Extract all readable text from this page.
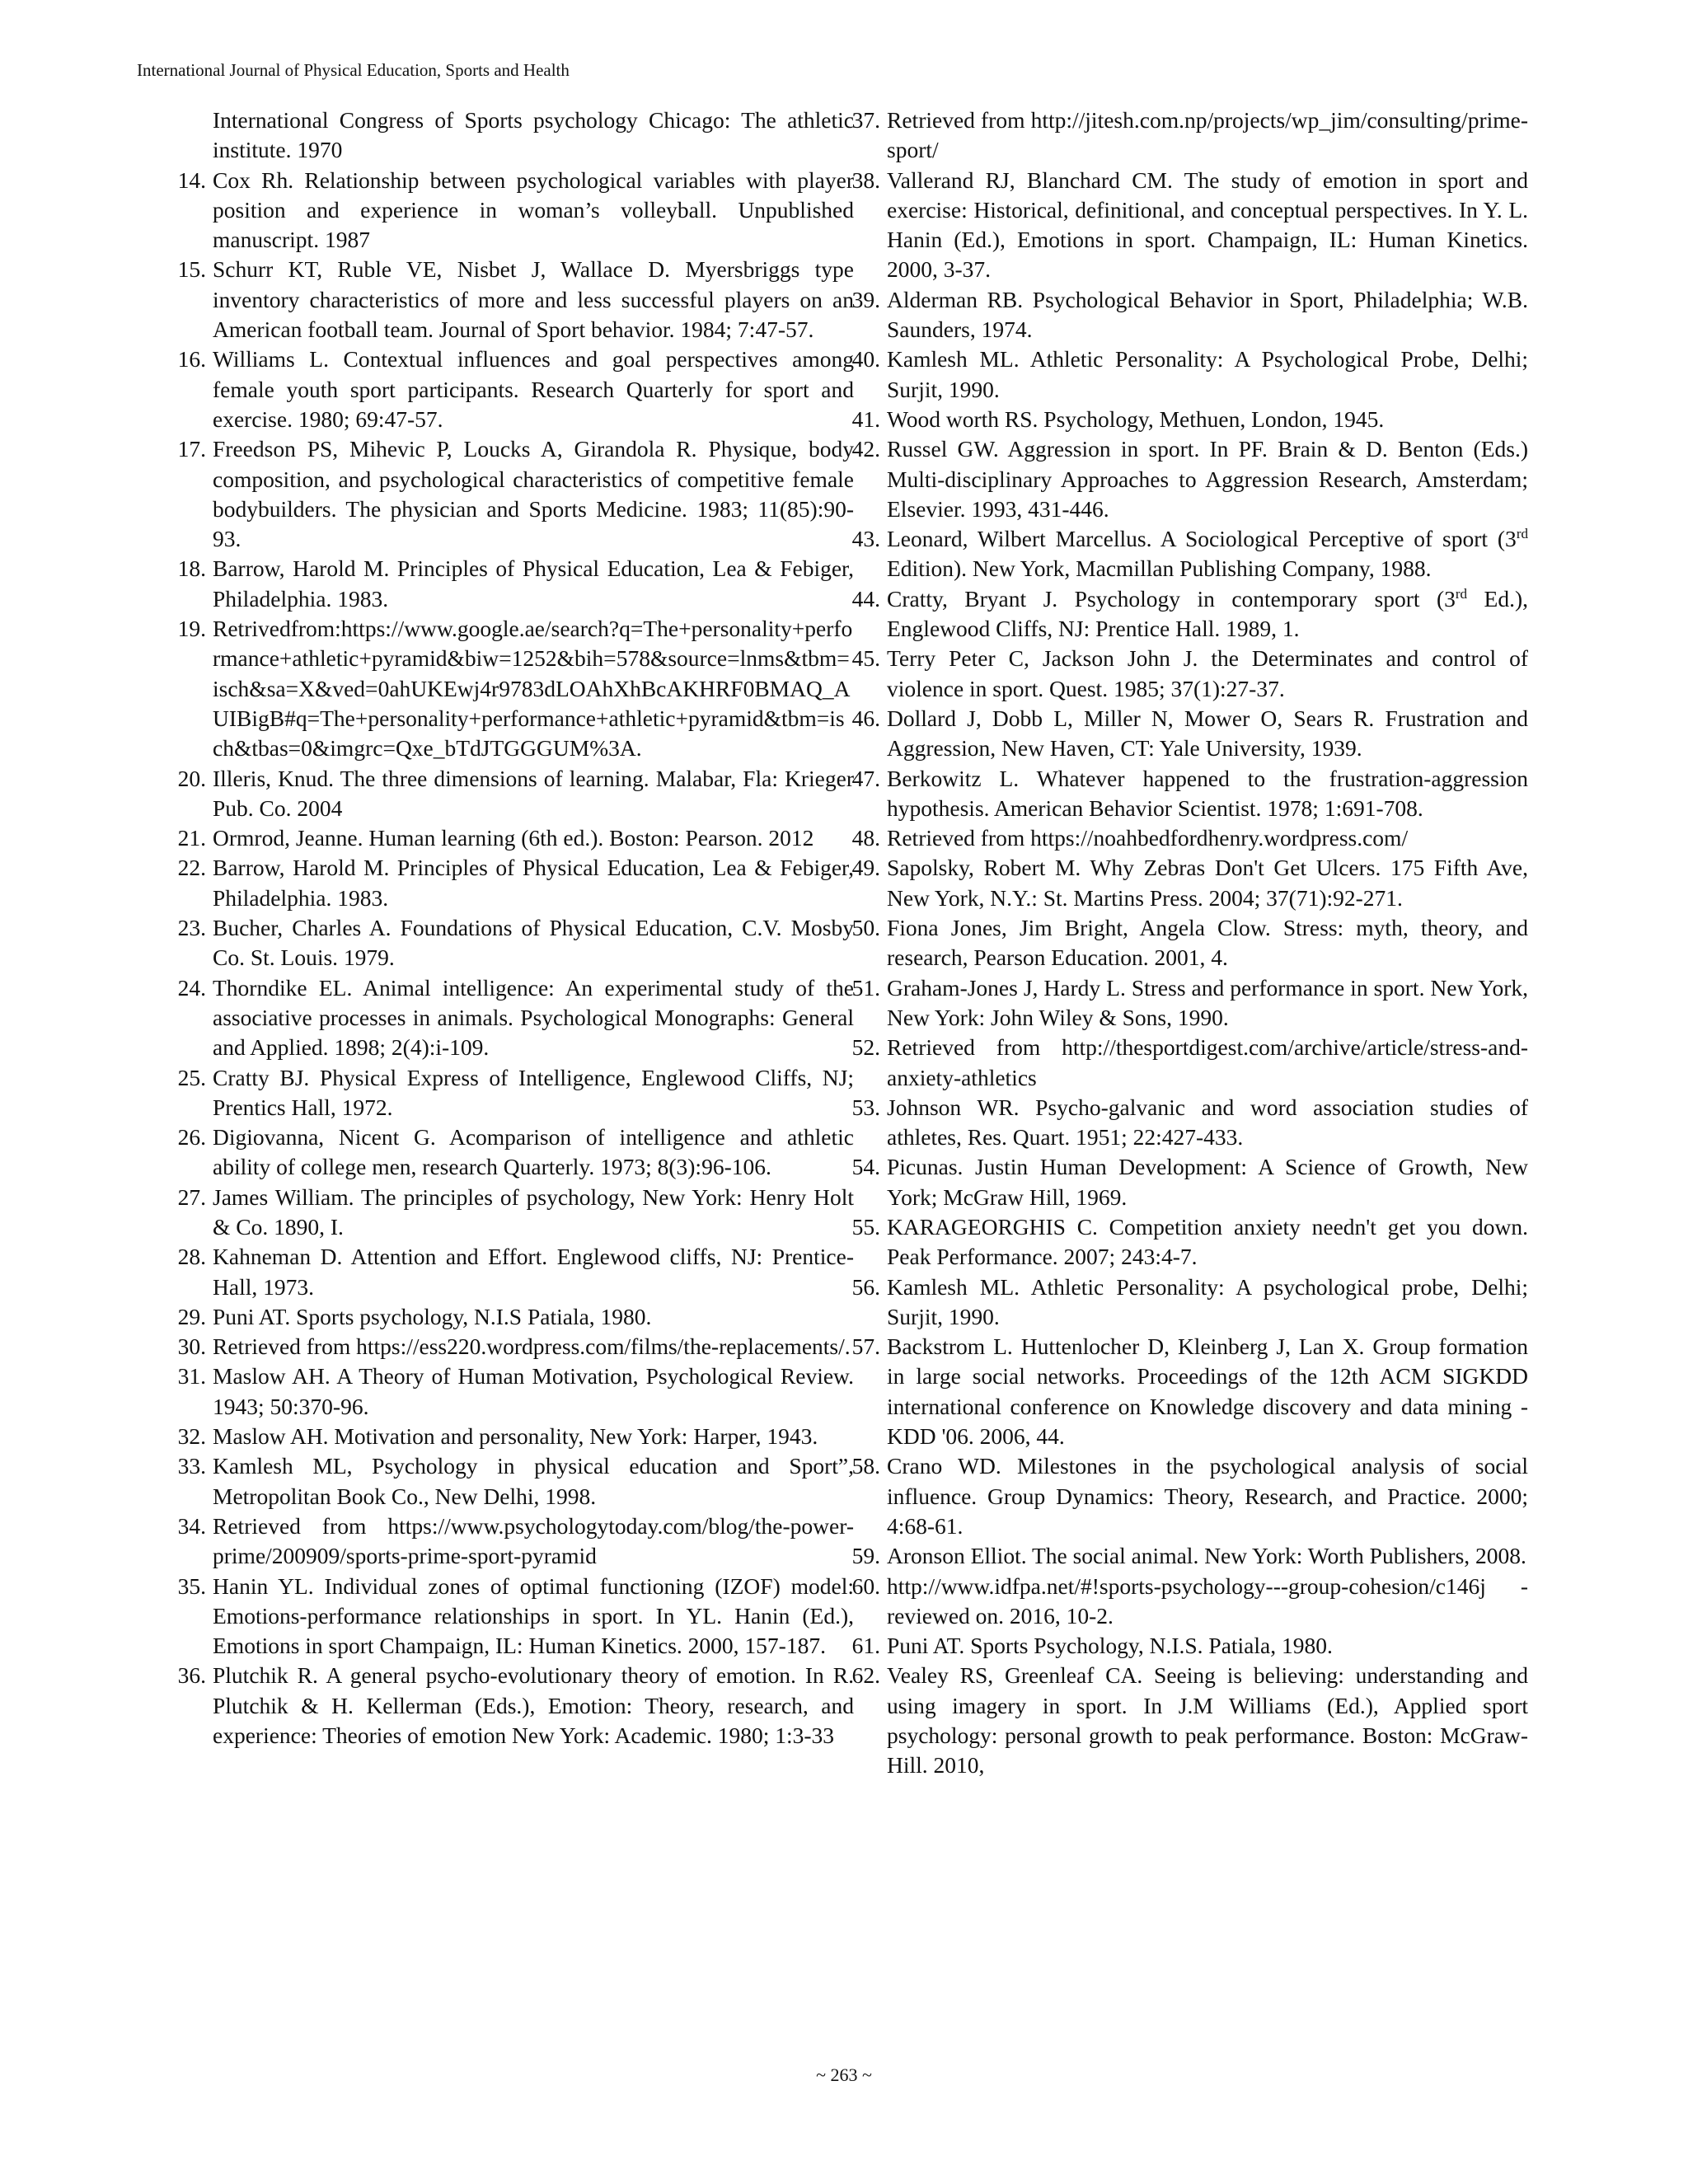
International Journal of Physical Education, Sports and Health
International Congress of Sports psychology Chicago: The athletic institute. 1970
14. Cox Rh. Relationship between psychological variables with player position and experience in woman’s volleyball. Unpublished manuscript. 1987
15. Schurr KT, Ruble VE, Nisbet J, Wallace D. Myersbriggs type inventory characteristics of more and less successful players on an American football team. Journal of Sport behavior. 1984; 7:47-57.
16. Williams L. Contextual influences and goal perspectives among female youth sport participants. Research Quarterly for sport and exercise. 1980; 69:47-57.
17. Freedson PS, Mihevic P, Loucks A, Girandola R. Physique, body composition, and psychological characteristics of competitive female bodybuilders. The physician and Sports Medicine. 1983; 11(85):90-93.
18. Barrow, Harold M. Principles of Physical Education, Lea & Febiger, Philadelphia. 1983.
19. Retrivedfrom:https://www.google.ae/search?q=The+personality+performance+athletic+pyramid&biw=1252&bih=578&source=lnms&tbm=isch&sa=X&ved=0ahUKEwj4r9783dLOAhXhBcAKHRF0BMAQ_AUIBigB#q=The+personality+performance+athletic+pyramid&tbm=isch&tbas=0&imgrc=Qxe_bTdJTGGGUM%3A.
20. Illeris, Knud. The three dimensions of learning. Malabar, Fla: Krieger Pub. Co. 2004
21. Ormrod, Jeanne. Human learning (6th ed.). Boston: Pearson. 2012
22. Barrow, Harold M. Principles of Physical Education, Lea & Febiger, Philadelphia. 1983.
23. Bucher, Charles A. Foundations of Physical Education, C.V. Mosby Co. St. Louis. 1979.
24. Thorndike EL. Animal intelligence: An experimental study of the associative processes in animals. Psychological Monographs: General and Applied. 1898; 2(4):i-109.
25. Cratty BJ. Physical Express of Intelligence, Englewood Cliffs, NJ; Prentics Hall, 1972.
26. Digiovanna, Nicent G. Acomparison of intelligence and athletic ability of college men, research Quarterly. 1973; 8(3):96-106.
27. James William. The principles of psychology, New York: Henry Holt & Co. 1890, I.
28. Kahneman D. Attention and Effort. Englewood cliffs, NJ: Prentice- Hall, 1973.
29. Puni AT. Sports psychology, N.I.S Patiala, 1980.
30. Retrieved from https://ess220.wordpress.com/films/the-replacements/.
31. Maslow AH. A Theory of Human Motivation, Psychological Review. 1943; 50:370-96.
32. Maslow AH. Motivation and personality, New York: Harper, 1943.
33. Kamlesh ML, Psychology in physical education and Sport”, Metropolitan Book Co., New Delhi, 1998.
34. Retrieved from https://www.psychologytoday.com/blog/the-power-prime/200909/sports-prime-sport-pyramid
35. Hanin YL. Individual zones of optimal functioning (IZOF) model: Emotions-performance relationships in sport. In YL. Hanin (Ed.), Emotions in sport Champaign, IL: Human Kinetics. 2000, 157-187.
36. Plutchik R. A general psycho-evolutionary theory of emotion. In R. Plutchik & H. Kellerman (Eds.), Emotion: Theory, research, and experience: Theories of emotion New York: Academic. 1980; 1:3-33
37. Retrieved from http://jitesh.com.np/projects/wp_jim/consulting/prime-sport/
38. Vallerand RJ, Blanchard CM. The study of emotion in sport and exercise: Historical, definitional, and conceptual perspectives. In Y. L. Hanin (Ed.), Emotions in sport. Champaign, IL: Human Kinetics. 2000, 3-37.
39. Alderman RB. Psychological Behavior in Sport, Philadelphia; W.B. Saunders, 1974.
40. Kamlesh ML. Athletic Personality: A Psychological Probe, Delhi; Surjit, 1990.
41. Wood worth RS. Psychology, Methuen, London, 1945.
42. Russel GW. Aggression in sport. In PF. Brain & D. Benton (Eds.) Multi-disciplinary Approaches to Aggression Research, Amsterdam; Elsevier. 1993, 431-446.
43. Leonard, Wilbert Marcellus. A Sociological Perceptive of sport (3rd Edition). New York, Macmillan Publishing Company, 1988.
44. Cratty, Bryant J. Psychology in contemporary sport (3rd Ed.), Englewood Cliffs, NJ: Prentice Hall. 1989, 1.
45. Terry Peter C, Jackson John J. the Determinates and control of violence in sport. Quest. 1985; 37(1):27-37.
46. Dollard J, Dobb L, Miller N, Mower O, Sears R. Frustration and Aggression, New Haven, CT: Yale University, 1939.
47. Berkowitz L. Whatever happened to the frustration-aggression hypothesis. American Behavior Scientist. 1978; 1:691-708.
48. Retrieved from https://noahbedfordhenry.wordpress.com/
49. Sapolsky, Robert M. Why Zebras Don't Get Ulcers. 175 Fifth Ave, New York, N.Y.: St. Martins Press. 2004; 37(71):92-271.
50. Fiona Jones, Jim Bright, Angela Clow. Stress: myth, theory, and research, Pearson Education. 2001, 4.
51. Graham-Jones J, Hardy L. Stress and performance in sport. New York, New York: John Wiley & Sons, 1990.
52. Retrieved from http://thesportdigest.com/archive/article/stress-and-anxiety-athletics
53. Johnson WR. Psycho-galvanic and word association studies of athletes, Res. Quart. 1951; 22:427-433.
54. Picunas. Justin Human Development: A Science of Growth, New York; McGraw Hill, 1969.
55. KARAGEORGHIS C. Competition anxiety needn't get you down. Peak Performance. 2007; 243:4-7.
56. Kamlesh ML. Athletic Personality: A psychological probe, Delhi; Surjit, 1990.
57. Backstrom L. Huttenlocher D, Kleinberg J, Lan X. Group formation in large social networks. Proceedings of the 12th ACM SIGKDD international conference on Knowledge discovery and data mining - KDD '06. 2006, 44.
58. Crano WD. Milestones in the psychological analysis of social influence. Group Dynamics: Theory, Research, and Practice. 2000; 4:68-61.
59. Aronson Elliot. The social animal. New York: Worth Publishers, 2008.
60. http://www.idfpa.net/#!sports-psychology---group-cohesion/c146j - reviewed on. 2016, 10-2.
61. Puni AT. Sports Psychology, N.I.S. Patiala, 1980.
62. Vealey RS, Greenleaf CA. Seeing is believing: understanding and using imagery in sport. In J.M Williams (Ed.), Applied sport psychology: personal growth to peak performance. Boston: McGraw-Hill. 2010,
~ 263 ~
